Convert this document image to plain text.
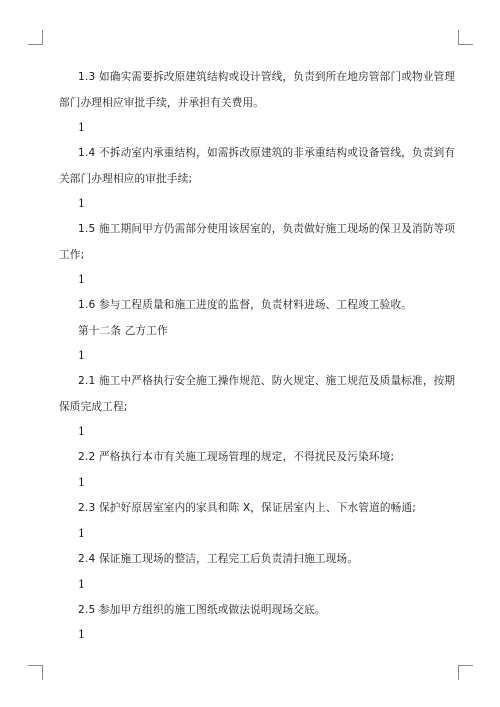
1.3 如确实需要拆改原建筑结构或设计管线，负责到所在地房管部门或物业管理
部门办理相应审批手续，并承担有关费用。
1
1.4 不拆动室内承重结构，如需拆改原建筑的非承重结构或设备管线，负责到有
关部门办理相应的审批手续;
1
1.5 施工期间甲方仍需部分使用该居室的，负责做好施工现场的保卫及消防等项
工作;
1
1.6 参与工程质量和施工进度的监督，负责材料进场、工程竣工验收。
第十二条 乙方工作
1
2.1 施工中严格执行安全施工操作规范、防火规定、施工规范及质量标准，按期
保质完成工程;
1
2.2 严格执行本市有关施工现场管理的规定，不得扰民及污染环境;
1
2.3 保护好原居室室内的家具和陈 X，保证居室内上、下水管道的畅通;
1
2.4 保证施工现场的整洁，工程完工后负责清扫施工现场。
1
2.5 参加甲方组织的施工图纸或做法说明现场交底。
1
